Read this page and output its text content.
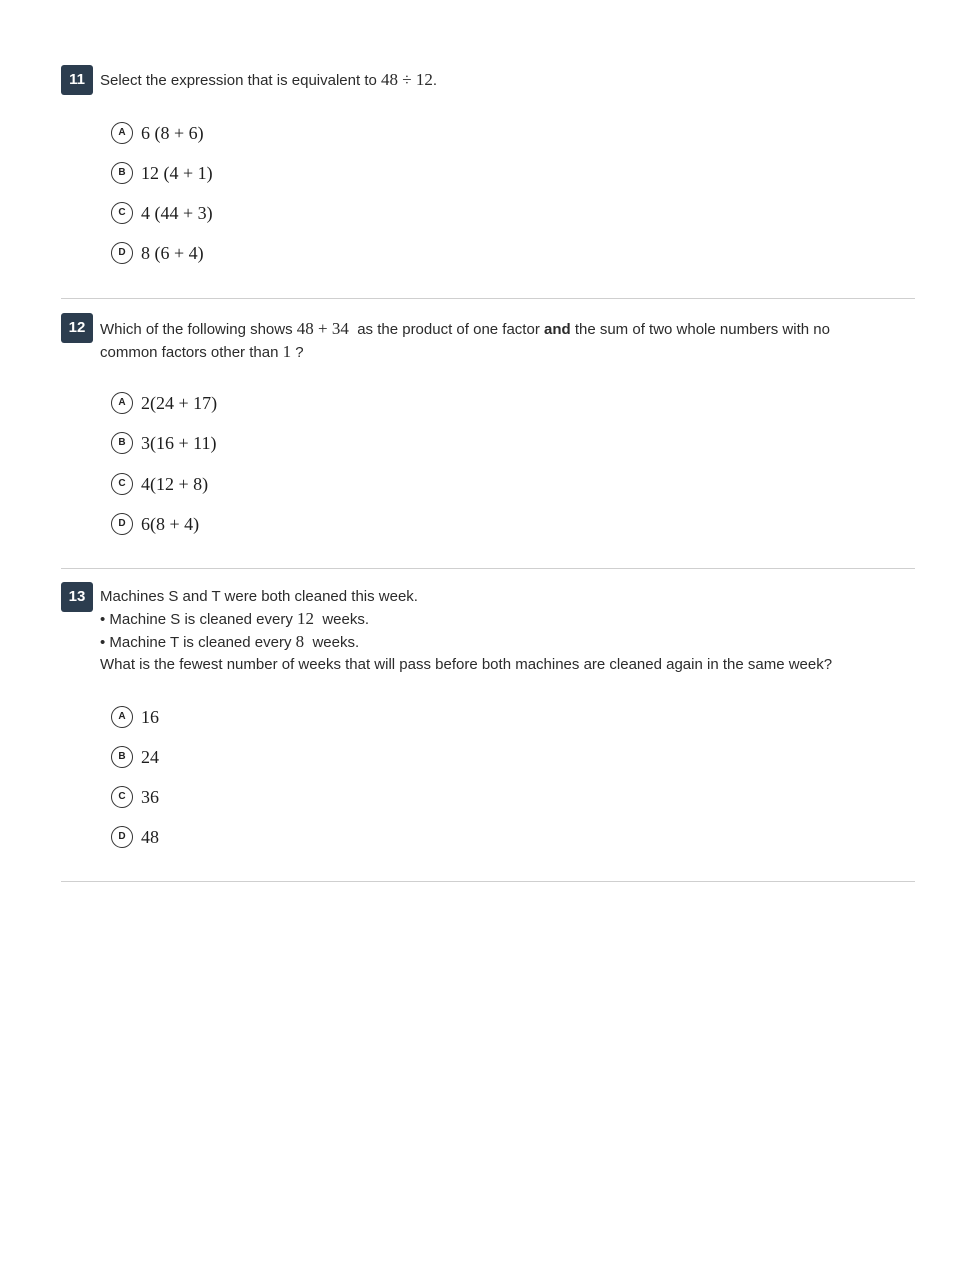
11	Select the expression that is equivalent to 48 ÷ 12.
A 6 (8 + 6)
B 12 (4 + 1)
C 4 (44 + 3)
D 8 (6 + 4)
12 Which of the following shows 48 + 34  as the product of one factor and the sum of two whole numbers with no common factors other than 1 ?
A 2(24 + 17)
B 3(16 + 11)
C 4(12 + 8)
D 6(8 + 4)
13 Machines S and T were both cleaned this week.
• Machine S is cleaned every 12  weeks.
• Machine T is cleaned every 8  weeks.
What is the fewest number of weeks that will pass before both machines are cleaned again in the same week?
A 16
B 24
C 36
D 48
